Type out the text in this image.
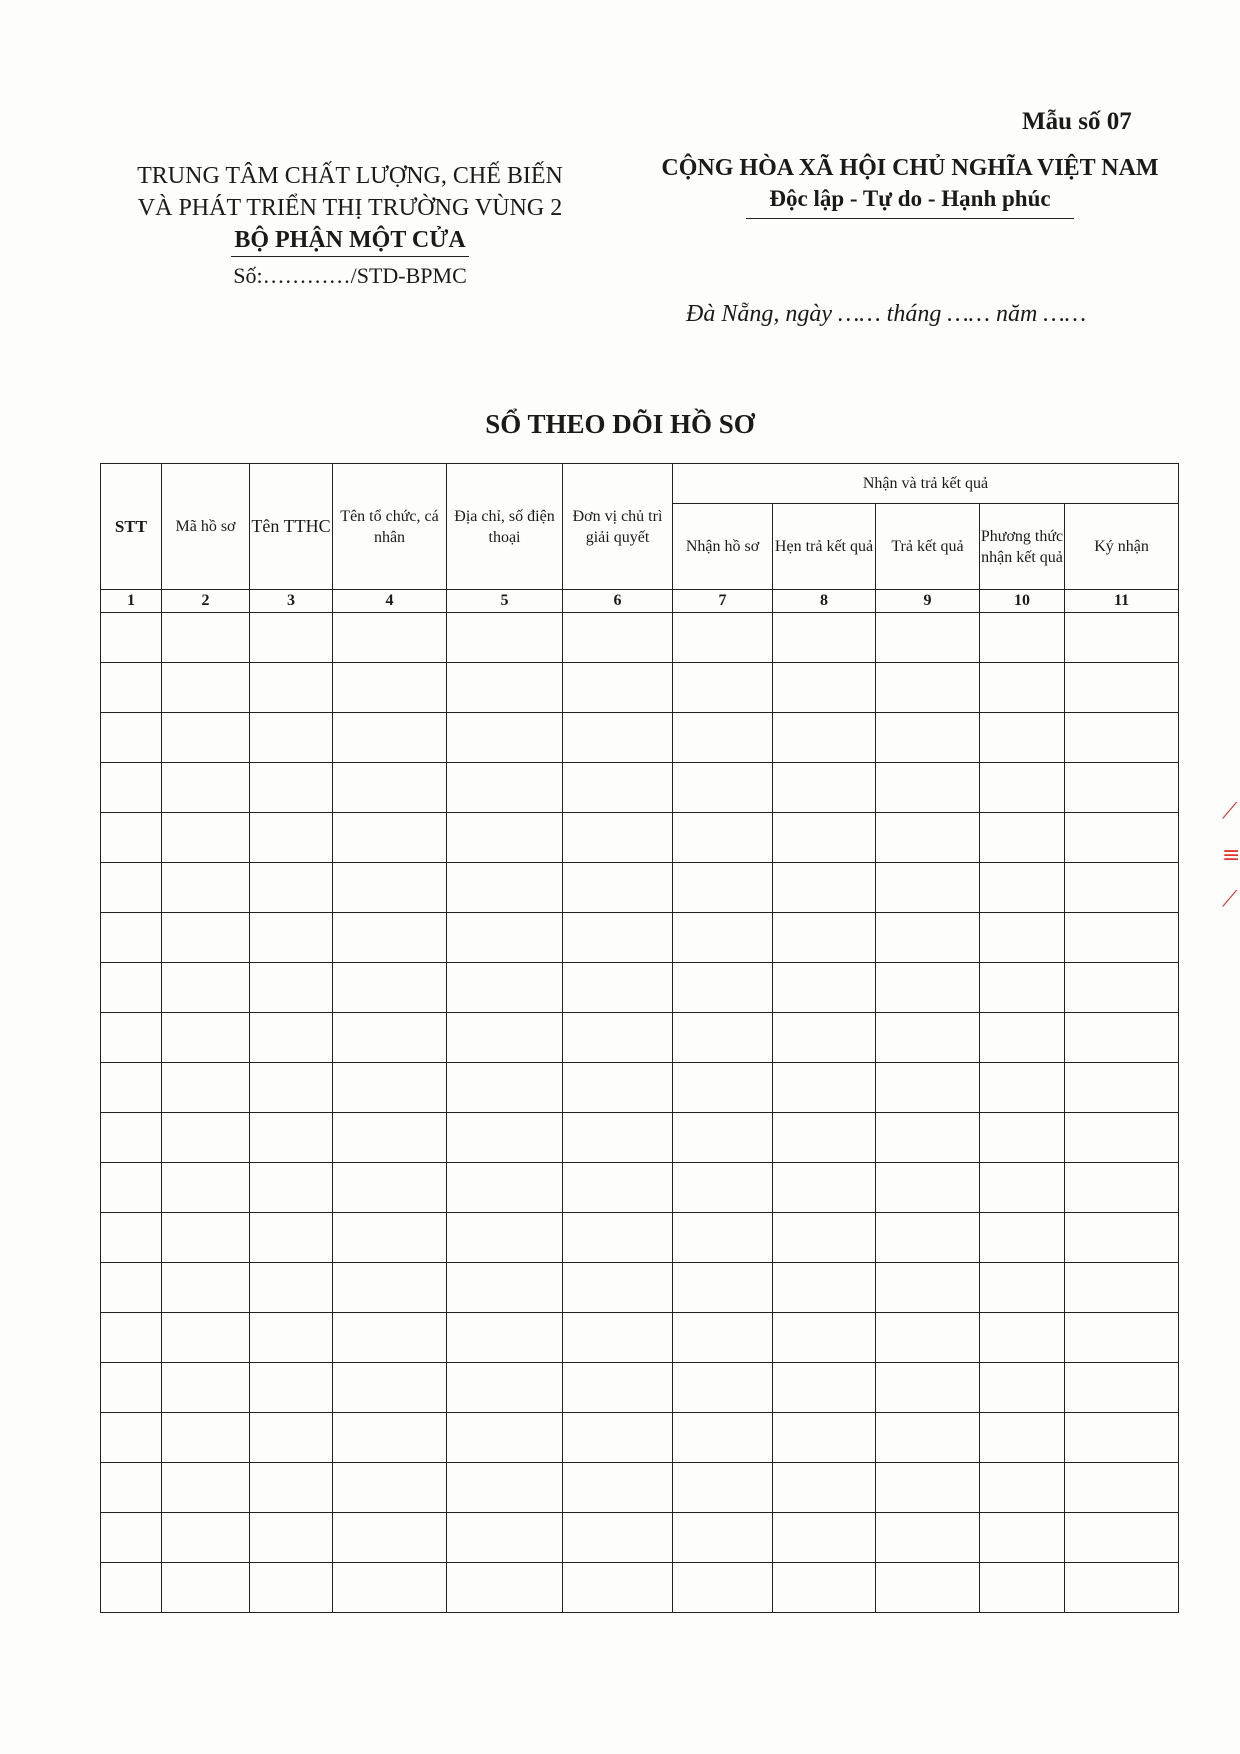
Mẫu số 07
TRUNG TÂM CHẤT LƯỢNG, CHẾ BIẾN
VÀ PHÁT TRIỂN THỊ TRƯỜNG VÙNG 2
BỘ PHẬN MỘT CỬA
Số:…………/STD-BPMC
CỘNG HÒA XÃ HỘI CHỦ NGHĨA VIỆT NAM
Độc lập - Tự do - Hạnh phúc
Đà Nẵng, ngày …… tháng …… năm ……
SỔ THEO DÕI HỒ SƠ
STT	Mã hồ sơ	Tên TTHC	Tên tổ chức, cá nhân	Địa chỉ, số điện thoại	Đơn vị chủ trì giải quyết	Nhận và trả kết quả				
						Nhận hồ sơ	Hẹn trả kết quả	Trả kết quả	Phương thức nhận kết quả	Ký nhận
1	2	3	4	5	6	7	8	9	10	11

⟋
≡
⟋
